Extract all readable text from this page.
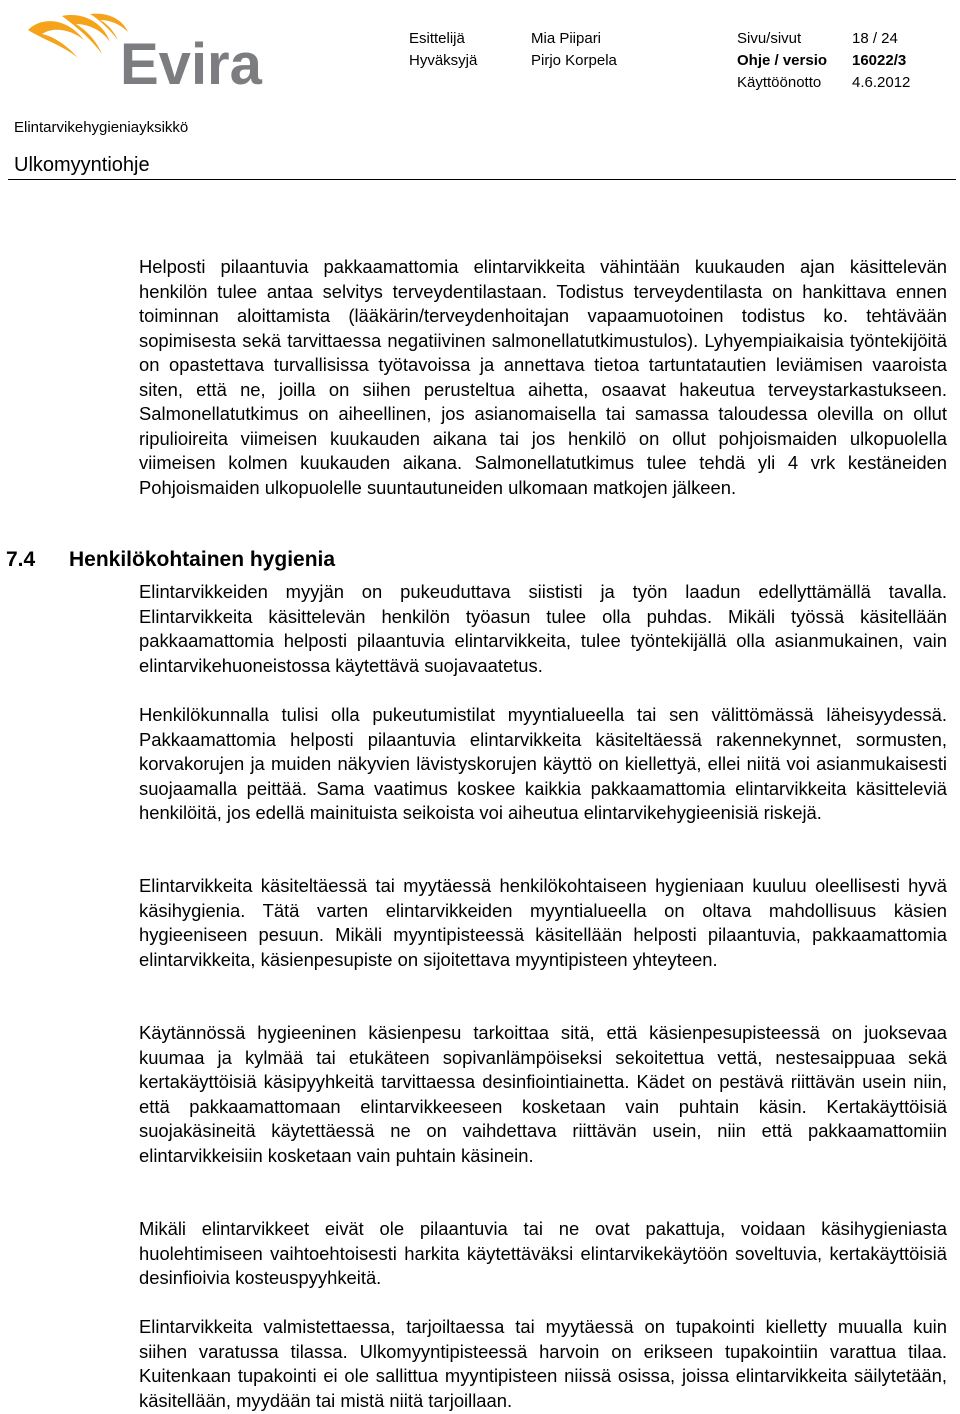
Evira	Esittelijä	Mia Piipari	Sivu/sivut	18 / 24
Hyväksyjä	Pirjo Korpela	Ohje / versio 16022/3
Käyttöönotto 4.6.2012
Elintarvikehygieniayksikkö
Ulkomyyntiohje

Helposti pilaantuvia pakkaamattomia elintarvikkeita vähintään kuukauden ajan käsittelevän henkilön tulee antaa selvitys terveydentilastaan. Todistus terveydentilasta on hankittava ennen toiminnan aloittamista (lääkärin/terveydenhoitajan vapaamuotoinen todistus ko. tehtävään sopimisesta sekä tarvittaessa negatiivinen salmonellatutkimustulos). Lyhyempiaikaisia työntekijöitä on opastettava turvallisissa työtavoissa ja annettava tietoa tartuntatautien leviämisen vaaroista siten, että ne, joilla on siihen perusteltua aihetta, osaavat hakeutua terveystarkastukseen. Salmonellatutkimus on aiheellinen, jos asianomaisella tai samassa taloudessa olevilla on ollut ripulioireita viimeisen kuukauden aikana tai jos henkilö on ollut pohjoismaiden ulkopuolella viimeisen kolmen kuukauden aikana. Salmonellatutkimus tulee tehdä yli 4 vrk kestäneiden Pohjoismaiden ulkopuolelle suuntautuneiden ulkomaan matkojen jälkeen.

7.4 Henkilökohtainen hygienia

Elintarvikkeiden myyjän on pukeuduttava siististi ja työn laadun edellyttämällä tavalla. Elintarvikkeita käsittelevän henkilön työasun tulee olla puhdas. Mikäli työssä käsitellään pakkaamattomia helposti pilaantuvia elintarvikkeita, tulee työntekijällä olla asianmukainen, vain elintarvikehuoneistossa käytettävä suojavaatetus.

Henkilökunnalla tulisi olla pukeutumistilat myyntialueella tai sen välittömässä läheisyydessä. Pakkaamattomia helposti pilaantuvia elintarvikkeita käsiteltäessä rakennekynnet, sormusten, korvakorujen ja muiden näkyvien lävistyskorujen käyttö on kiellettyä, ellei niitä voi asianmukaisesti suojaamalla peittää. Sama vaatimus koskee kaikkia pakkaamattomia elintarvikkeita käsitteleviä henkilöitä, jos edellä mainituista seikoista voi aiheutua elintarvikehygieenisiä riskejä.

Elintarvikkeita käsiteltäessä tai myytäessä henkilökohtaiseen hygieniaan kuuluu oleellisesti hyvä käsihygienia. Tätä varten elintarvikkeiden myyntialueella on oltava mahdollisuus käsien hygieeniseen pesuun. Mikäli myyntipisteessä käsitellään helposti pilaantuvia, pakkaamattomia elintarvikkeita, käsienpesupiste on sijoitettava myyntipisteen yhteyteen.

Käytännössä hygieeninen käsienpesu tarkoittaa sitä, että käsienpesupisteessä on juoksevaa kuumaa ja kylmää tai etukäteen sopivanlämpöiseksi sekoitettua vettä, nestesaippuaa sekä kertakäyttöisiä käsipyyhkeitä tarvittaessa desinfiointiainetta. Kädet on pestävä riittävän usein niin, että pakkaamattomaan elintarvikkeeseen kosketaan vain puhtain käsin. Kertakäyttöisiä suojakäsineitä käytettäessä ne on vaihdettava riittävän usein, niin että pakkaamattomiin elintarvikkeisiin kosketaan vain puhtain käsinein.

Mikäli elintarvikkeet eivät ole pilaantuvia tai ne ovat pakattuja, voidaan käsihygieniasta huolehtimiseen vaihtoehtoisesti harkita käytettäväksi elintarvikekäytöön soveltuvia, kertakäyttöisiä desinfioivia kosteuspyyhkeitä.

Elintarvikkeita valmistettaessa, tarjoiltaessa tai myytäessä on tupakointi kielletty muualla kuin siihen varatussa tilassa. Ulkomyyntipisteessä harvoin on erikseen tupakointiin varattua tilaa. Kuitenkaan tupakointi ei ole sallittua myyntipisteen niissä osissa, joissa elintarvikkeita säilytetään, käsitellään, myydään tai mistä niitä tarjoillaan.
